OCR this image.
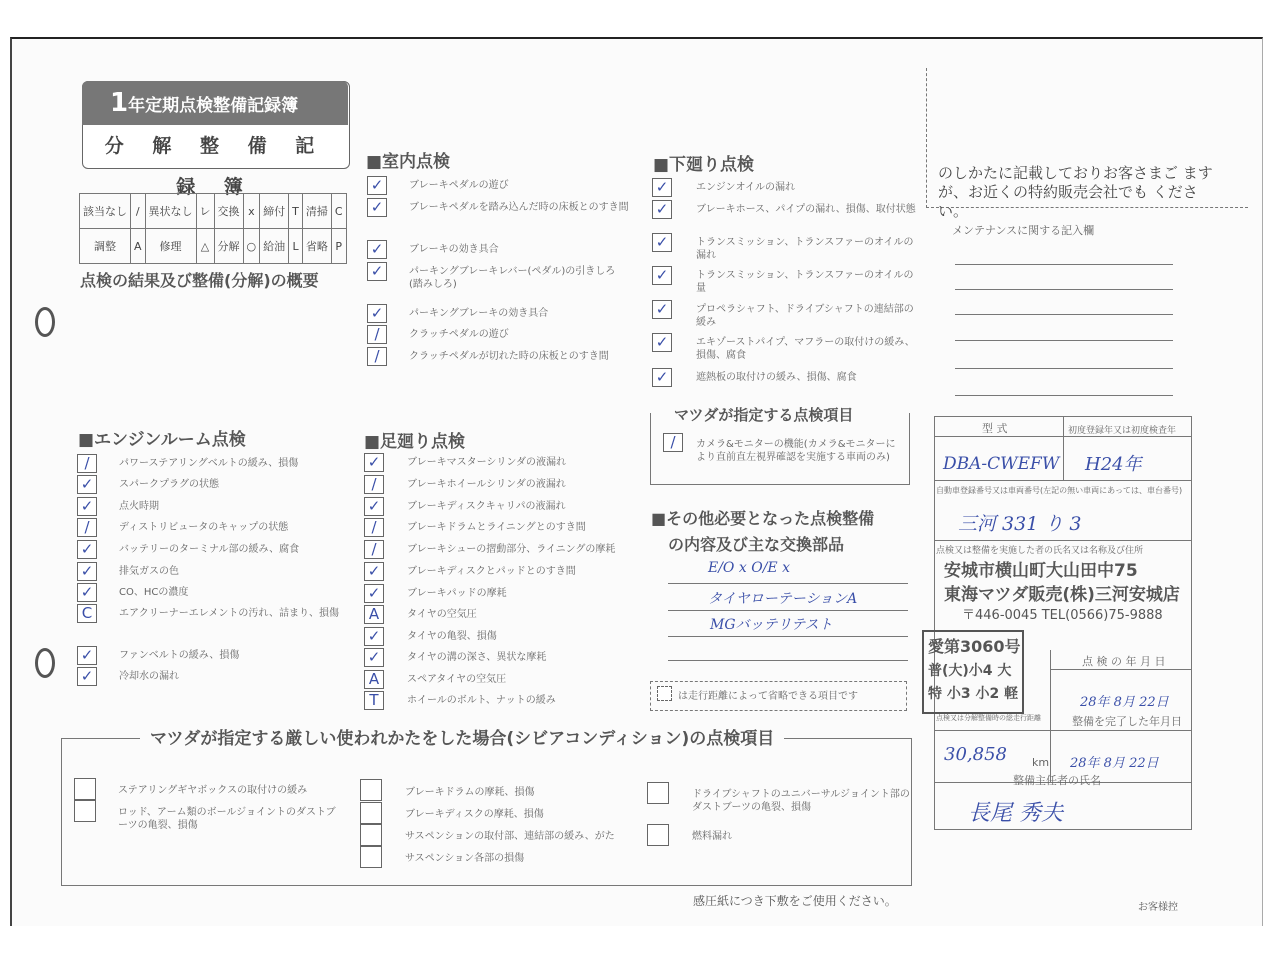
1年定期点検整備記録簿
分 解 整 備 記 録 簿
該当なし	/	異状なし	レ	交換	x	締付	T	清掃	C
調整	A	修理	△	分解	○	給油	L	省略	P
点検の結果及び整備(分解)の概要
■室内点検	■下廻り点検
■エンジンルーム点検	■足廻り点検
✓	ブレーキペダルの遊び
✓	ブレーキペダルを踏み込んだ時の床板とのすき間
✓	ブレーキの効き具合
✓	パーキングブレーキレバー(ペダル)の引きしろ(踏みしろ)
✓	パーキングブレーキの効き具合
/	クラッチペダルの遊び
/	クラッチペダルが切れた時の床板とのすき間
✓	エンジンオイルの漏れ
✓	ブレーキホース、パイプの漏れ、損傷、取付状態
✓	トランスミッション、トランスファーのオイルの漏れ
✓	トランスミッション、トランスファーのオイルの量
✓	プロペラシャフト、ドライブシャフトの連結部の緩み
✓	エキゾーストパイプ、マフラーの取付けの緩み、損傷、腐食
✓	遮熱板の取付けの緩み、損傷、腐食
/	パワーステアリングベルトの緩み、損傷
✓	スパークプラグの状態
✓	点火時期
/	ディストリビュータのキャップの状態
✓	バッテリーのターミナル部の緩み、腐食
✓	排気ガスの色
✓	CO、HCの濃度
C	エアクリーナーエレメントの汚れ、詰まり、損傷
✓	ファンベルトの緩み、損傷
✓	冷却水の漏れ
✓	ブレーキマスターシリンダの液漏れ
/	ブレーキホイールシリンダの液漏れ
✓	ブレーキディスクキャリパの液漏れ
/	ブレーキドラムとライニングとのすき間
/	ブレーキシューの摺動部分、ライニングの摩耗
✓	ブレーキディスクとパッドとのすき間
✓	ブレーキパッドの摩耗
A	タイヤの空気圧
✓	タイヤの亀裂、損傷
✓	タイヤの溝の深さ、異状な摩耗
A	スペアタイヤの空気圧
T	ホイールのボルト、ナットの緩み
マツダが指定する点検項目
/	カメラ&モニターの機能(カメラ&モニターにより直前直左視界確認を実施する車両のみ)
■その他必要となった点検整備
の内容及び主な交換部品
E/O x O/E x
タイヤローテーションA
MGバッテリテスト
は走行距離によって省略できる項目です
マツダが指定する厳しい使われかたをした場合(シビアコンディション)の点検項目
ステアリングギヤボックスの取付けの緩み
ロッド、アーム類のボールジョイントのダストブーツの亀裂、損傷
ブレーキドラムの摩耗、損傷
ブレーキディスクの摩耗、損傷
サスペンションの取付部、連結部の緩み、がた
サスペンション各部の損傷
ドライブシャフトのユニバーサルジョイント部のダストブーツの亀裂、損傷
燃料漏れ
感圧紙につき下敷をご使用ください。	お客様控
のしかたに記載しておりお客さまご ますが、お近くの特約販売会社でも ください。
メンテナンスに関する記入欄
型 式	初度登録年又は初度検査年
DBA-CWEFW H24年
自動車登録番号又は車両番号(左記の無い車両にあっては、車台番号)
三河 331 り 3
点検又は整備を実施した者の氏名又は名称及び住所
安城市横山町大山田中75
東海マツダ販売(株)三河安城店
〒446-0045 TEL(0566)75-9888
愛第3060号
普(大)小4 大特 小3 小2 軽
点 検 の 年 月 日
28年 8月 22日
点検又は分解整備時の総走行距離	整備を完了した年月日
30,858 km 28年 8月 22日
整備主任者の氏名
長尾 秀夫
